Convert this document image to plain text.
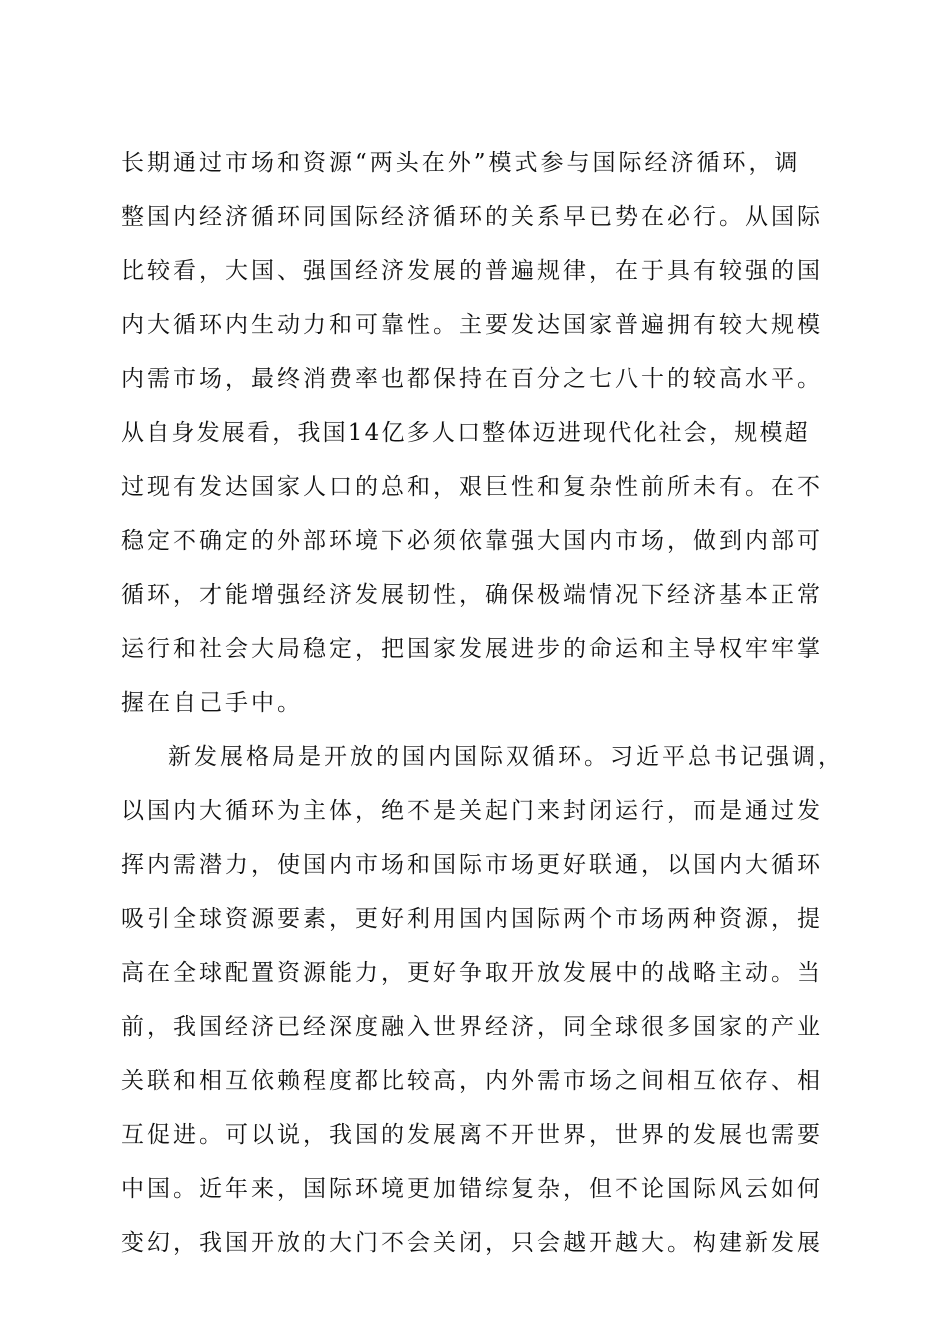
长期通过市场和资源“两头在外”模式参与国际经济循环，调
整国内经济循环同国际经济循环的关系早已势在必行。从国际
比较看，大国、强国经济发展的普遍规律，在于具有较强的国
内大循环内生动力和可靠性。主要发达国家普遍拥有较大规模
内需市场，最终消费率也都保持在百分之七八十的较高水平。
从自身发展看，我国14亿多人口整体迈进现代化社会，规模超
过现有发达国家人口的总和，艰巨性和复杂性前所未有。在不
稳定不确定的外部环境下必须依靠强大国内市场，做到内部可
循环，才能增强经济发展韧性，确保极端情况下经济基本正常
运行和社会大局稳定，把国家发展进步的命运和主导权牢牢掌
握在自己手中。
新发展格局是开放的国内国际双循环。习近平总书记强调，
以国内大循环为主体，绝不是关起门来封闭运行，而是通过发
挥内需潜力，使国内市场和国际市场更好联通，以国内大循环
吸引全球资源要素，更好利用国内国际两个市场两种资源，提
高在全球配置资源能力，更好争取开放发展中的战略主动。当
前，我国经济已经深度融入世界经济，同全球很多国家的产业
关联和相互依赖程度都比较高，内外需市场之间相互依存、相
互促进。可以说，我国的发展离不开世界，世界的发展也需要
中国。近年来，国际环境更加错综复杂，但不论国际风云如何
变幻，我国开放的大门不会关闭，只会越开越大。构建新发展
